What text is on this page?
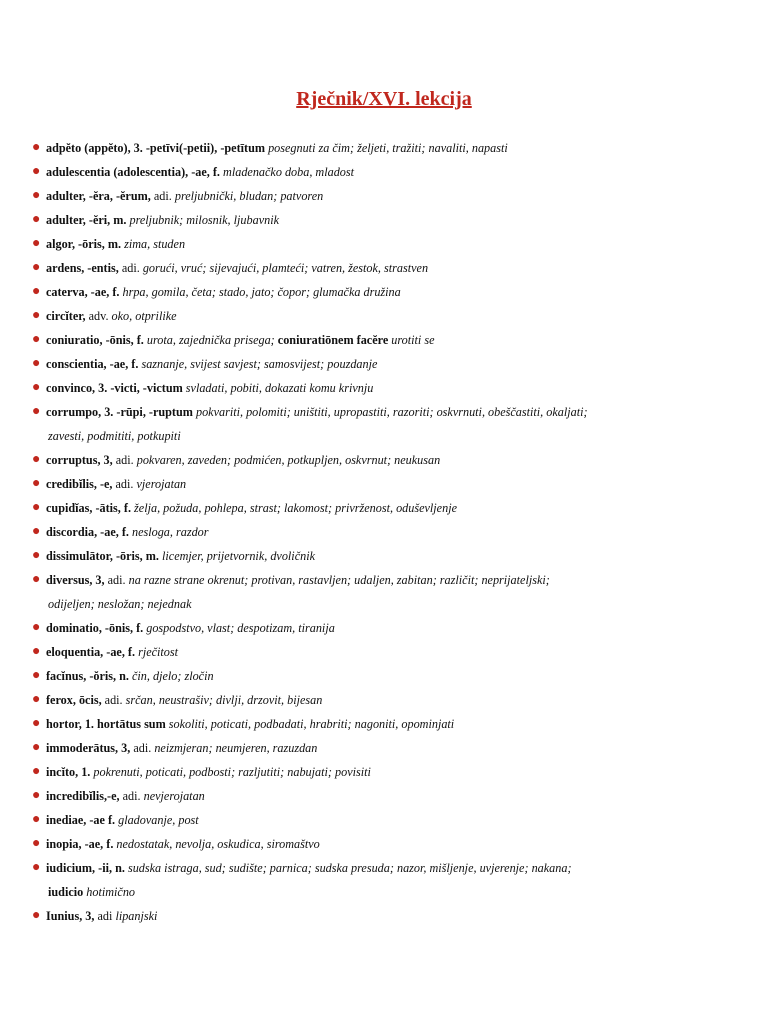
Rječnik/XVI. lekcija
● adpĕto (appĕto), 3. -petīvi(-petii), -petītum posegnuti za čim; željeti, tražiti; navaliti, napasti
● adulescentia (adolescentia), -ae, f. mladenačko doba, mladost
● adulter, -ĕra, -ĕrum, adi. preljubnički, bludan; patvoren
● adulter, -ĕri, m. preljubnik; milosnik, ljubavnik
● algor, -ōris, m. zima, studen
● ardens, -entis, adi. gorući, vruć; sijevajući, plamteći; vatren, žestok, strastven
● caterva, -ae, f. hrpa, gomila, četa; stado, jato; čopor; glumačka družina
● circĭter, adv. oko, otprilike
● coniuratio, -ōnis, f. urota, zajednička prisega; coniuratiōnem facĕre urotiti se
● conscientia, -ae, f. saznanje, svijest savjest; samosvijest; pouzdanje
● convinco, 3. -victi, -victum svladati, pobiti, dokazati komu krivnju
● corrumpo, 3. -rūpi, -ruptum pokvariti, polomiti; uništiti, upropastiti, razoriti; oskvrnuti, obeščastiti, okaljati;
zavesti, podmititi, potkupiti
● corruptus, 3, adi. pokvaren, zaveden; podmićen, potkupljen, oskvrnut; neukusan
● credibĭlis, -e, adi. vjerojatan
● cupidĭas, -ātis, f. želja, požuda, pohlepa, strast; lakomost; privrženost, oduševljenje
● discordia, -ae, f. nesloga, razdor
● dissimulātor, -ōris, m. licemjer, prijetvornik, dvoličnik
● diversus, 3, adi. na razne strane okrenut; protivan, rastavljen; udaljen, zabitan; različit; neprijateljski;
odijeljen; nesložan; nejednak
● dominatio, -ōnis, f. gospodstvo, vlast; despotizam, tiranija
● eloquentia, -ae, f. rječitost
● facĭnus, -ŏris, n. čin, djelo; zločin
● ferox, ōcis, adi. srčan, neustrašiv; divlji, drzovit, bijesan
● hortor, 1. hortātus sum sokoliti, poticati, podbadati, hrabriti; nagoniti, opominjati
● immoderātus, 3, adi. neizmjeran; neumjeren, razuzdan
● incĭto, 1. pokrenuti, poticati, podbosti; razljutiti; nabujati; povisiti
● incredibĭlis,-e, adi. nevjerojatan
● inediae, -ae f. gladovanje, post
● inopia, -ae, f. nedostatak, nevolja, oskudica, siromaštvo
● iudicium, -ii, n. sudska istraga, sud; sudište; parnica; sudska presuda; nazor, mišljenje, uvjerenje; nakana;
iudicio hotimično
● Iunius, 3, adi lipanjski
